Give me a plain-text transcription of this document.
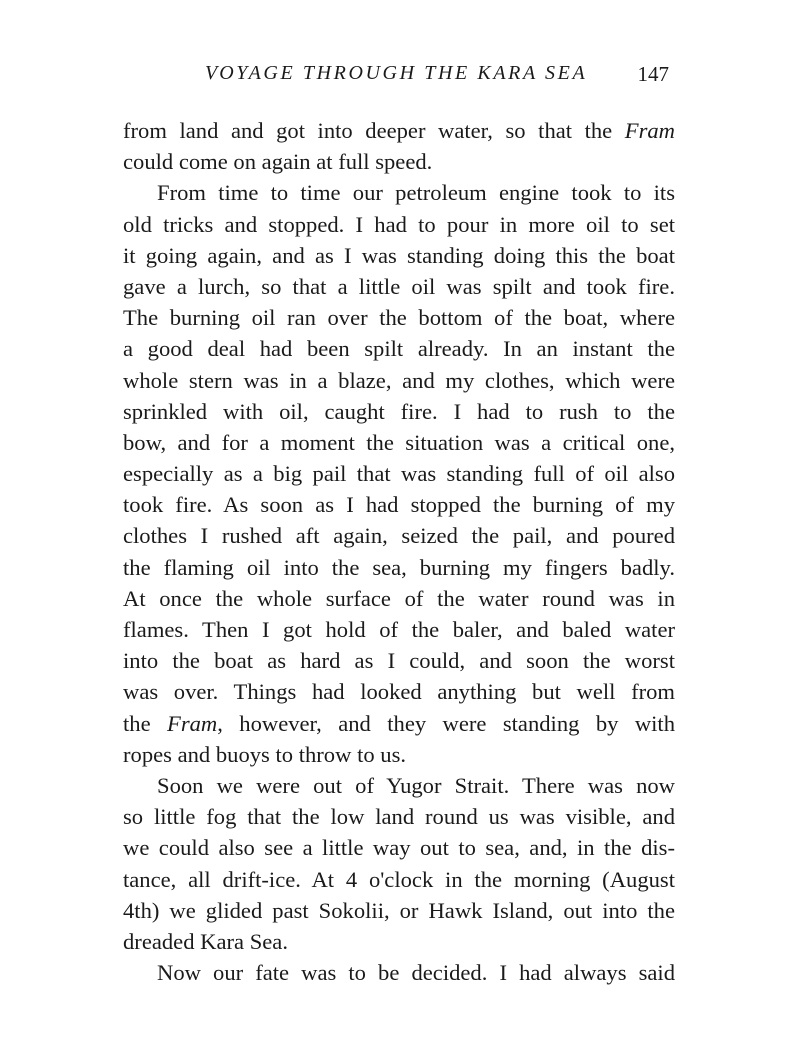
VOYAGE THROUGH THE KARA SEA 147
from land and got into deeper water, so that the Fram
could come on again at full speed.
From time to time our petroleum engine took to its
old tricks and stopped. I had to pour in more oil to set
it going again, and as I was standing doing this the boat
gave a lurch, so that a little oil was spilt and took fire.
The burning oil ran over the bottom of the boat, where
a good deal had been spilt already. In an instant the
whole stern was in a blaze, and my clothes, which were
sprinkled with oil, caught fire. I had to rush to the
bow, and for a moment the situation was a critical one,
especially as a big pail that was standing full of oil also
took fire. As soon as I had stopped the burning of my
clothes I rushed aft again, seized the pail, and poured
the flaming oil into the sea, burning my fingers badly.
At once the whole surface of the water round was in
flames. Then I got hold of the baler, and baled water
into the boat as hard as I could, and soon the worst
was over. Things had looked anything but well from
the Fram, however, and they were standing by with
ropes and buoys to throw to us.
Soon we were out of Yugor Strait. There was now
so little fog that the low land round us was visible, and
we could also see a little way out to sea, and, in the dis-
tance, all drift-ice. At 4 o'clock in the morning (August
4th) we glided past Sokolii, or Hawk Island, out into the
dreaded Kara Sea.
Now our fate was to be decided. I had always said
